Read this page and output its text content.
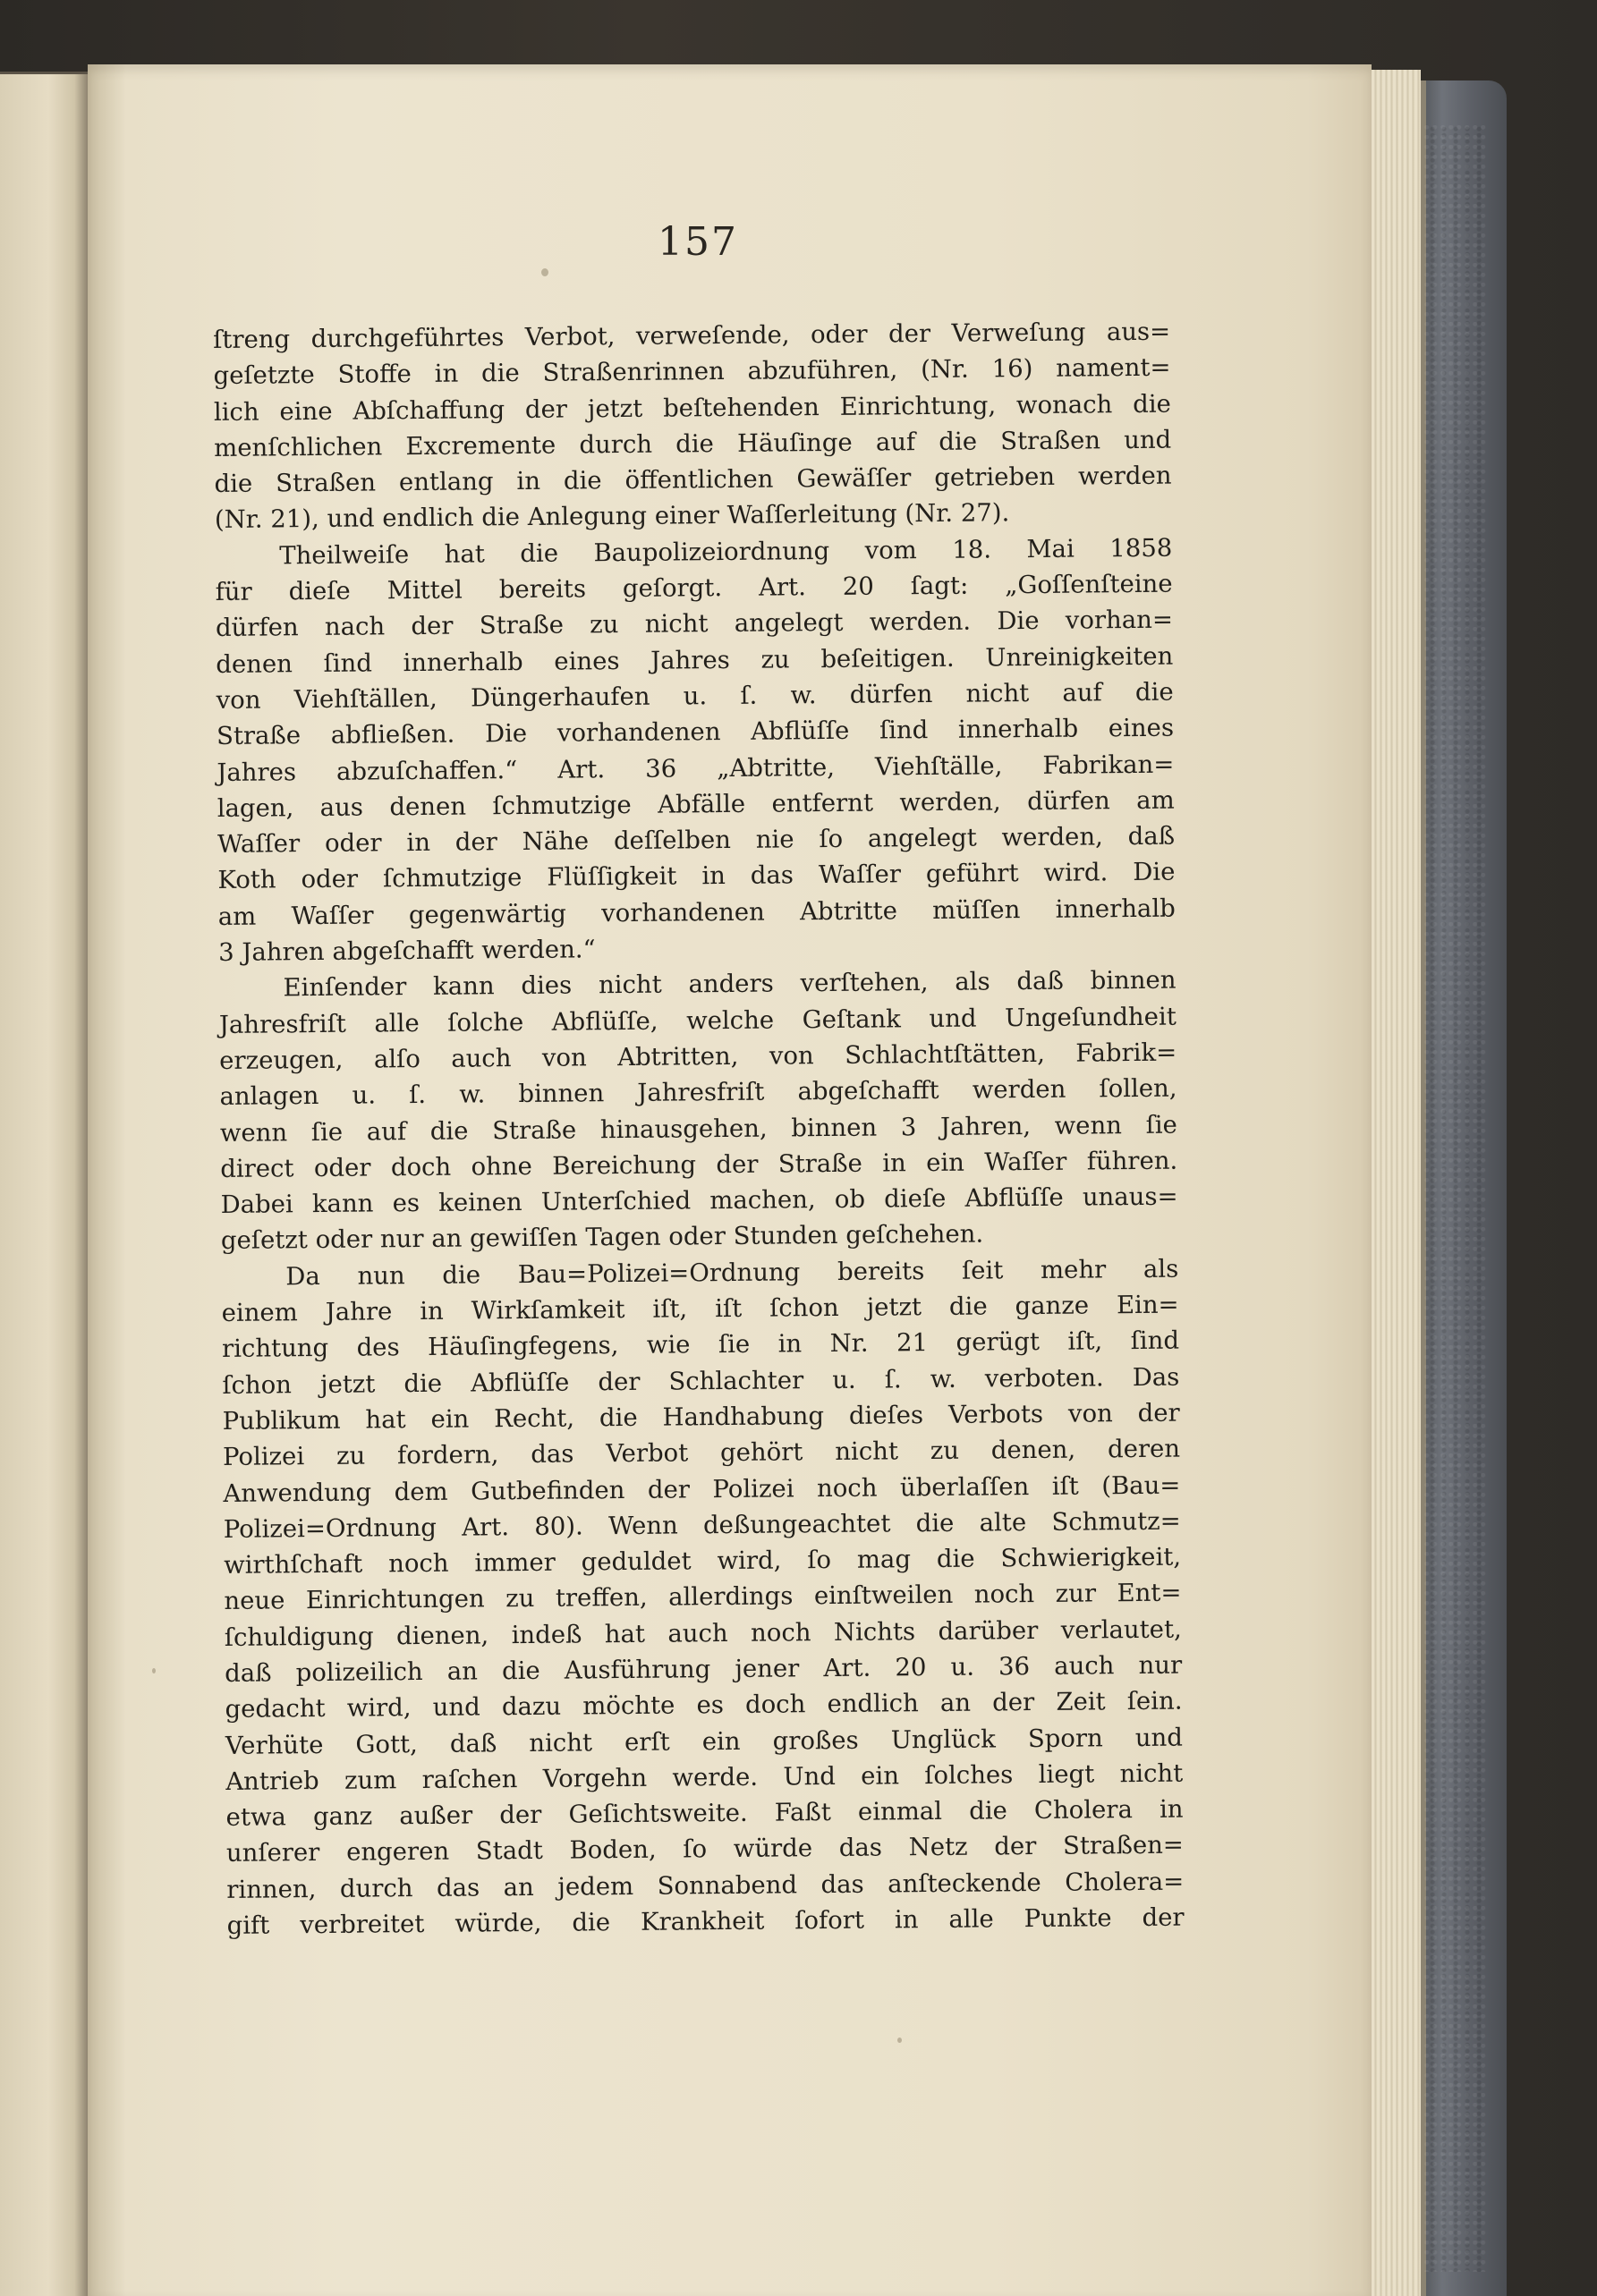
157
ſtreng durchgeführtes Verbot, verweſende, oder der Verweſung aus=
geſetzte Stoffe in die Straßenrinnen abzuführen, (Nr. 16) nament=
lich eine Abſchaffung der jetzt beſtehenden Einrichtung, wonach die
menſchlichen Excremente durch die Häuſinge auf die Straßen und
die Straßen entlang in die öffentlichen Gewäſſer getrieben werden
(Nr. 21), und endlich die Anlegung einer Waſſerleitung (Nr. 27).
Theilweiſe hat die Baupolizeiordnung vom 18. Mai 1858
für dieſe Mittel bereits geſorgt. Art. 20 ſagt: „Goſſenſteine
dürfen nach der Straße zu nicht angelegt werden. Die vorhan=
denen ſind innerhalb eines Jahres zu beſeitigen. Unreinigkeiten
von Viehſtällen, Düngerhaufen u. ſ. w. dürfen nicht auf die
Straße abfließen. Die vorhandenen Abflüſſe ſind innerhalb eines
Jahres abzuſchaffen.“ Art. 36 „Abtritte, Viehſtälle, Fabrikan=
lagen, aus denen ſchmutzige Abfälle entfernt werden, dürfen am
Waſſer oder in der Nähe deſſelben nie ſo angelegt werden, daß
Koth oder ſchmutzige Flüſſigkeit in das Waſſer geführt wird. Die
am Waſſer gegenwärtig vorhandenen Abtritte müſſen innerhalb
3 Jahren abgeſchafft werden.“
Einſender kann dies nicht anders verſtehen, als daß binnen
Jahresfriſt alle ſolche Abflüſſe, welche Geſtank und Ungeſundheit
erzeugen, alſo auch von Abtritten, von Schlachtſtätten, Fabrik=
anlagen u. ſ. w. binnen Jahresfriſt abgeſchafft werden ſollen,
wenn ſie auf die Straße hinausgehen, binnen 3 Jahren, wenn ſie
direct oder doch ohne Bereichung der Straße in ein Waſſer führen.
Dabei kann es keinen Unterſchied machen, ob dieſe Abflüſſe unaus=
geſetzt oder nur an gewiſſen Tagen oder Stunden geſchehen.
Da nun die Bau=Polizei=Ordnung bereits ſeit mehr als
einem Jahre in Wirkſamkeit iſt, iſt ſchon jetzt die ganze Ein=
richtung des Häuſingfegens, wie ſie in Nr. 21 gerügt iſt, ſind
ſchon jetzt die Abflüſſe der Schlachter u. ſ. w. verboten. Das
Publikum hat ein Recht, die Handhabung dieſes Verbots von der
Polizei zu fordern, das Verbot gehört nicht zu denen, deren
Anwendung dem Gutbefinden der Polizei noch überlaſſen iſt (Bau=
Polizei=Ordnung Art. 80). Wenn deßungeachtet die alte Schmutz=
wirthſchaft noch immer geduldet wird, ſo mag die Schwierigkeit,
neue Einrichtungen zu treffen, allerdings einſtweilen noch zur Ent=
ſchuldigung dienen, indeß hat auch noch Nichts darüber verlautet,
daß polizeilich an die Ausführung jener Art. 20 u. 36 auch nur
gedacht wird, und dazu möchte es doch endlich an der Zeit ſein.
Verhüte Gott, daß nicht erſt ein großes Unglück Sporn und
Antrieb zum raſchen Vorgehn werde. Und ein ſolches liegt nicht
etwa ganz außer der Geſichtsweite. Faßt einmal die Cholera in
unſerer engeren Stadt Boden, ſo würde das Netz der Straßen=
rinnen, durch das an jedem Sonnabend das anſteckende Cholera=
gift verbreitet würde, die Krankheit ſofort in alle Punkte der
